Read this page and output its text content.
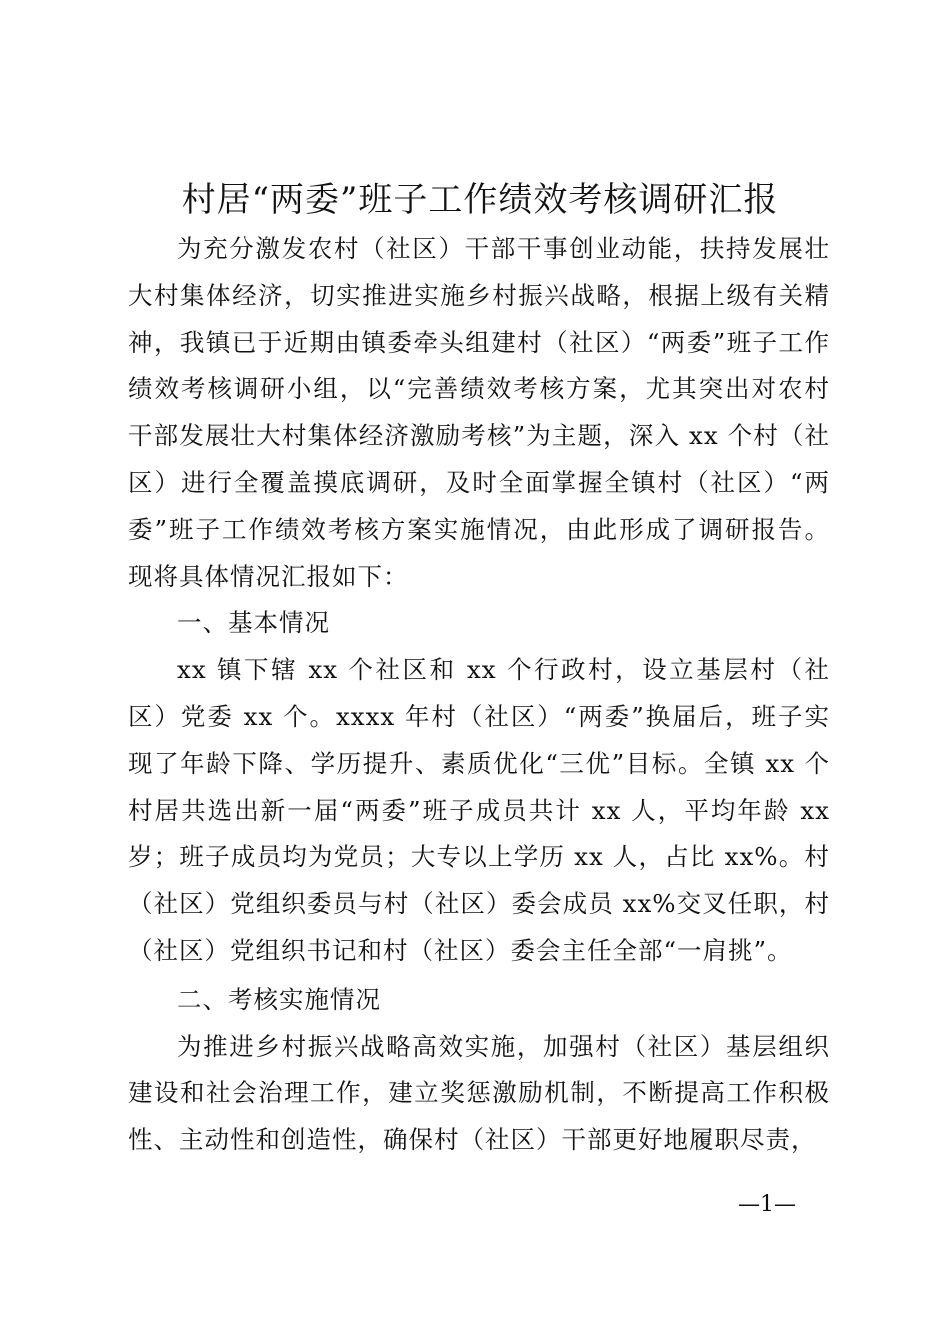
村居“两委”班子工作绩效考核调研汇报

为充分激发农村（社区）干部干事创业动能，扶持发展壮大村集体经济，切实推进实施乡村振兴战略，根据上级有关精神，我镇已于近期由镇委牵头组建村（社区）“两委”班子工作绩效考核调研小组，以“完善绩效考核方案，尤其突出对农村干部发展壮大村集体经济激励考核”为主题，深入 xx 个村（社区）进行全覆盖摸底调研，及时全面掌握全镇村（社区）“两委”班子工作绩效考核方案实施情况，由此形成了调研报告。现将具体情况汇报如下：

一、基本情况

xx 镇下辖 xx 个社区和 xx 个行政村，设立基层村（社区）党委 xx 个。xxxx 年村（社区）“两委”换届后，班子实现了年龄下降、学历提升、素质优化“三优”目标。全镇 xx 个村居共选出新一届“两委”班子成员共计 xx 人，平均年龄 xx 岁；班子成员均为党员；大专以上学历 xx 人，占比 xx%。村（社区）党组织委员与村（社区）委会成员 xx%交叉任职，村（社区）党组织书记和村（社区）委会主任全部“一肩挑”。

二、考核实施情况

为推进乡村振兴战略高效实施，加强村（社区）基层组织建设和社会治理工作，建立奖惩激励机制，不断提高工作积极性、主动性和创造性，确保村（社区）干部更好地履职尽责，

—1—
